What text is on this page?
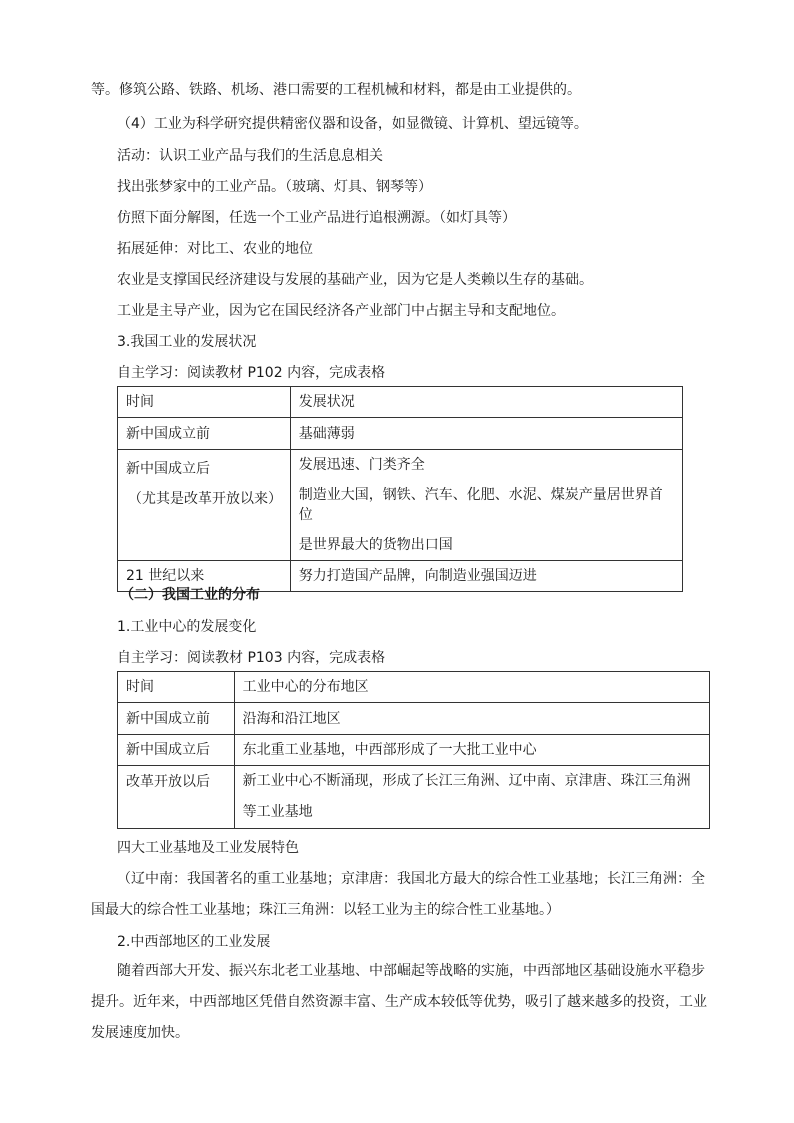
等。修筑公路、铁路、机场、港口需要的工程机械和材料，都是由工业提供的。
（4）工业为科学研究提供精密仪器和设备，如显微镜、计算机、望远镜等。
活动：认识工业产品与我们的生活息息相关
找出张梦家中的工业产品。（玻璃、灯具、钢琴等）
仿照下面分解图，任选一个工业产品进行追根溯源。（如灯具等）
拓展延伸：对比工、农业的地位
农业是支撑国民经济建设与发展的基础产业，因为它是人类赖以生存的基础。
工业是主导产业，因为它在国民经济各产业部门中占据主导和支配地位。
3.我国工业的发展状况
自主学习：阅读教材 P102 内容，完成表格
时间	发展状况
新中国成立前	基础薄弱

新中国成立后
（尤其是改革开放以来）	发展迅速、门类齐全
制造业大国，钢铁、汽车、化肥、水泥、煤炭产量居世界首位
是世界最大的货物出口国

21 世纪以来	努力打造国产品牌，向制造业强国迈进
（二）我国工业的分布
1.工业中心的发展变化
自主学习：阅读教材 P103 内容，完成表格
时间	工业中心的分布地区
新中国成立前	沿海和沿江地区
新中国成立后	东北重工业基地，中西部形成了一大批工业中心
改革开放以后	新工业中心不断涌现，形成了长江三角洲、辽中南、京津唐、珠江三角洲等工业基地
四大工业基地及工业发展特色
（辽中南：我国著名的重工业基地；京津唐：我国北方最大的综合性工业基地；长江三角洲：全国最大的综合性工业基地；珠江三角洲：以轻工业为主的综合性工业基地。）
2.中西部地区的工业发展
随着西部大开发、振兴东北老工业基地、中部崛起等战略的实施，中西部地区基础设施水平稳步提升。近年来，中西部地区凭借自然资源丰富、生产成本较低等优势，吸引了越来越多的投资，工业发展速度加快。
